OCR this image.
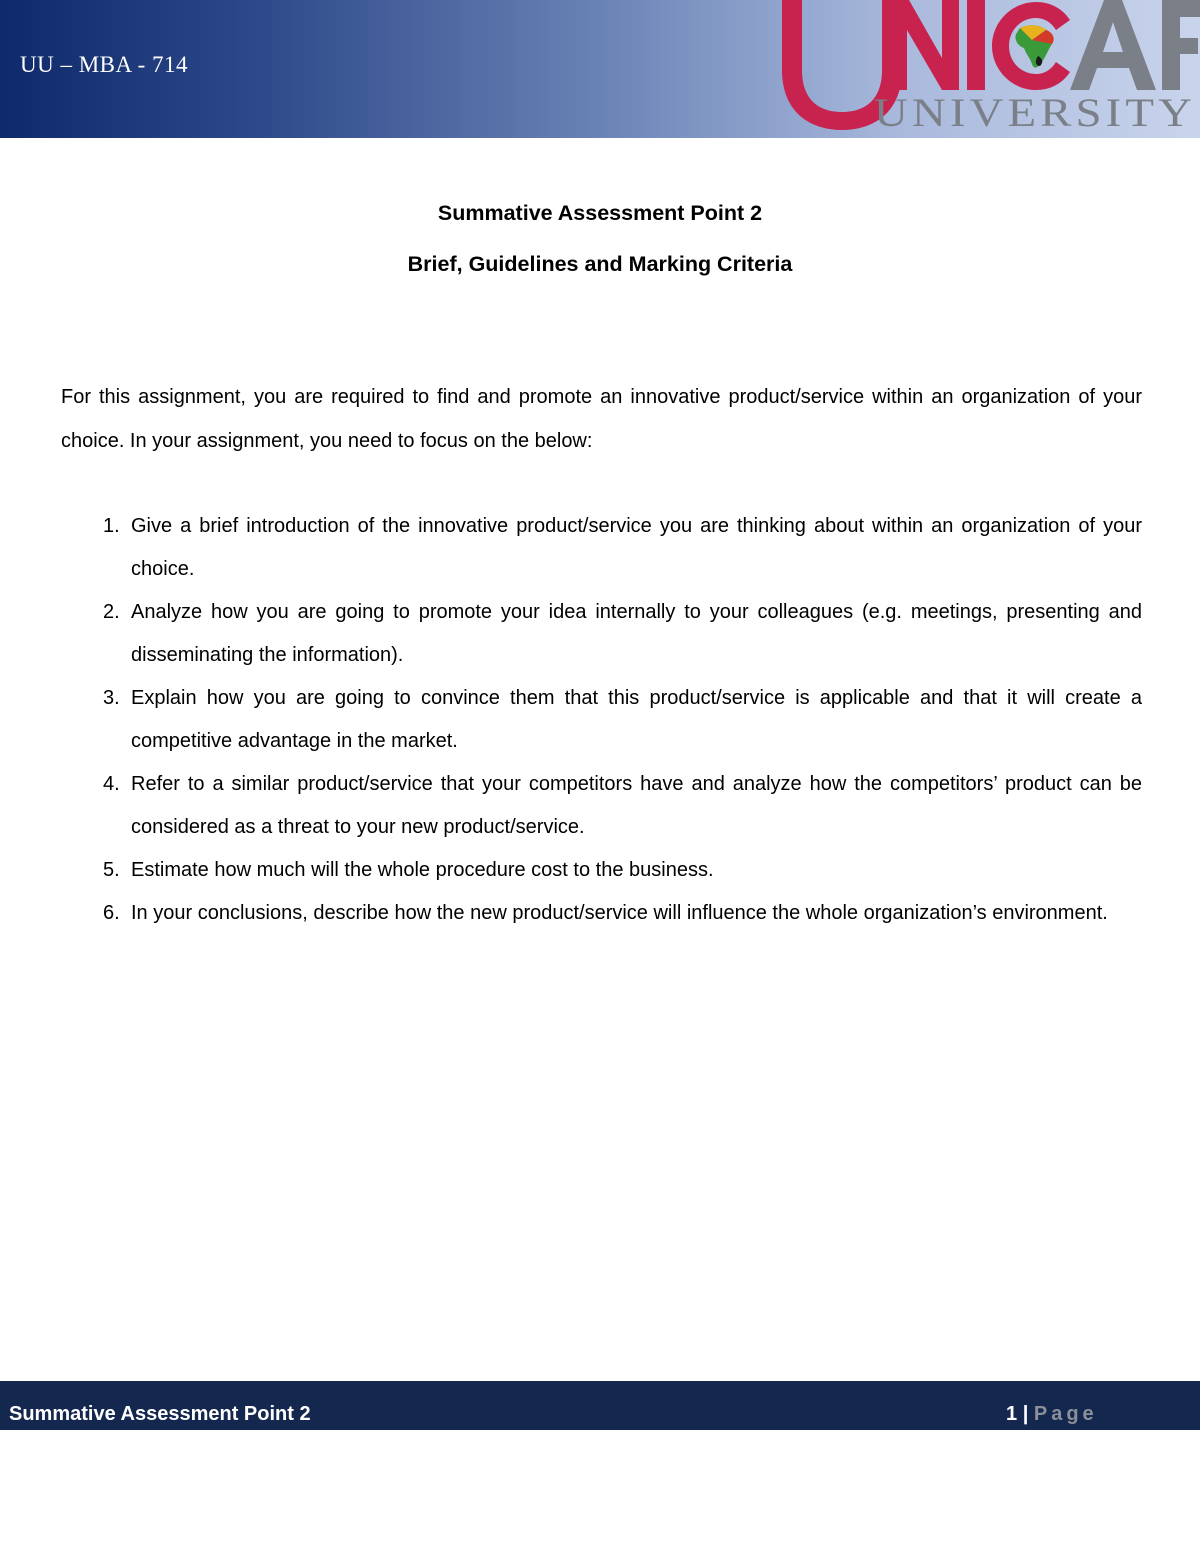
UU – MBA - 714
UNIVERSITY
Summative Assessment Point 2
Brief, Guidelines and Marking Criteria
For this assignment, you are required to find and promote an innovative product/service within an organization of your choice. In your assignment, you need to focus on the below:
1. Give a brief introduction of the innovative product/service you are thinking about within an organization of your choice.
2. Analyze how you are going to promote your idea internally to your colleagues (e.g. meetings, presenting and disseminating the information).
3. Explain how you are going to convince them that this product/service is applicable and that it will create a competitive advantage in the market.
4. Refer to a similar product/service that your competitors have and analyze how the competitors’ product can be considered as a threat to your new product/service.
5. Estimate how much will the whole procedure cost to the business.
6. In your conclusions, describe how the new product/service will influence the whole organization’s environment.
Summative Assessment Point 2	1 | Page
